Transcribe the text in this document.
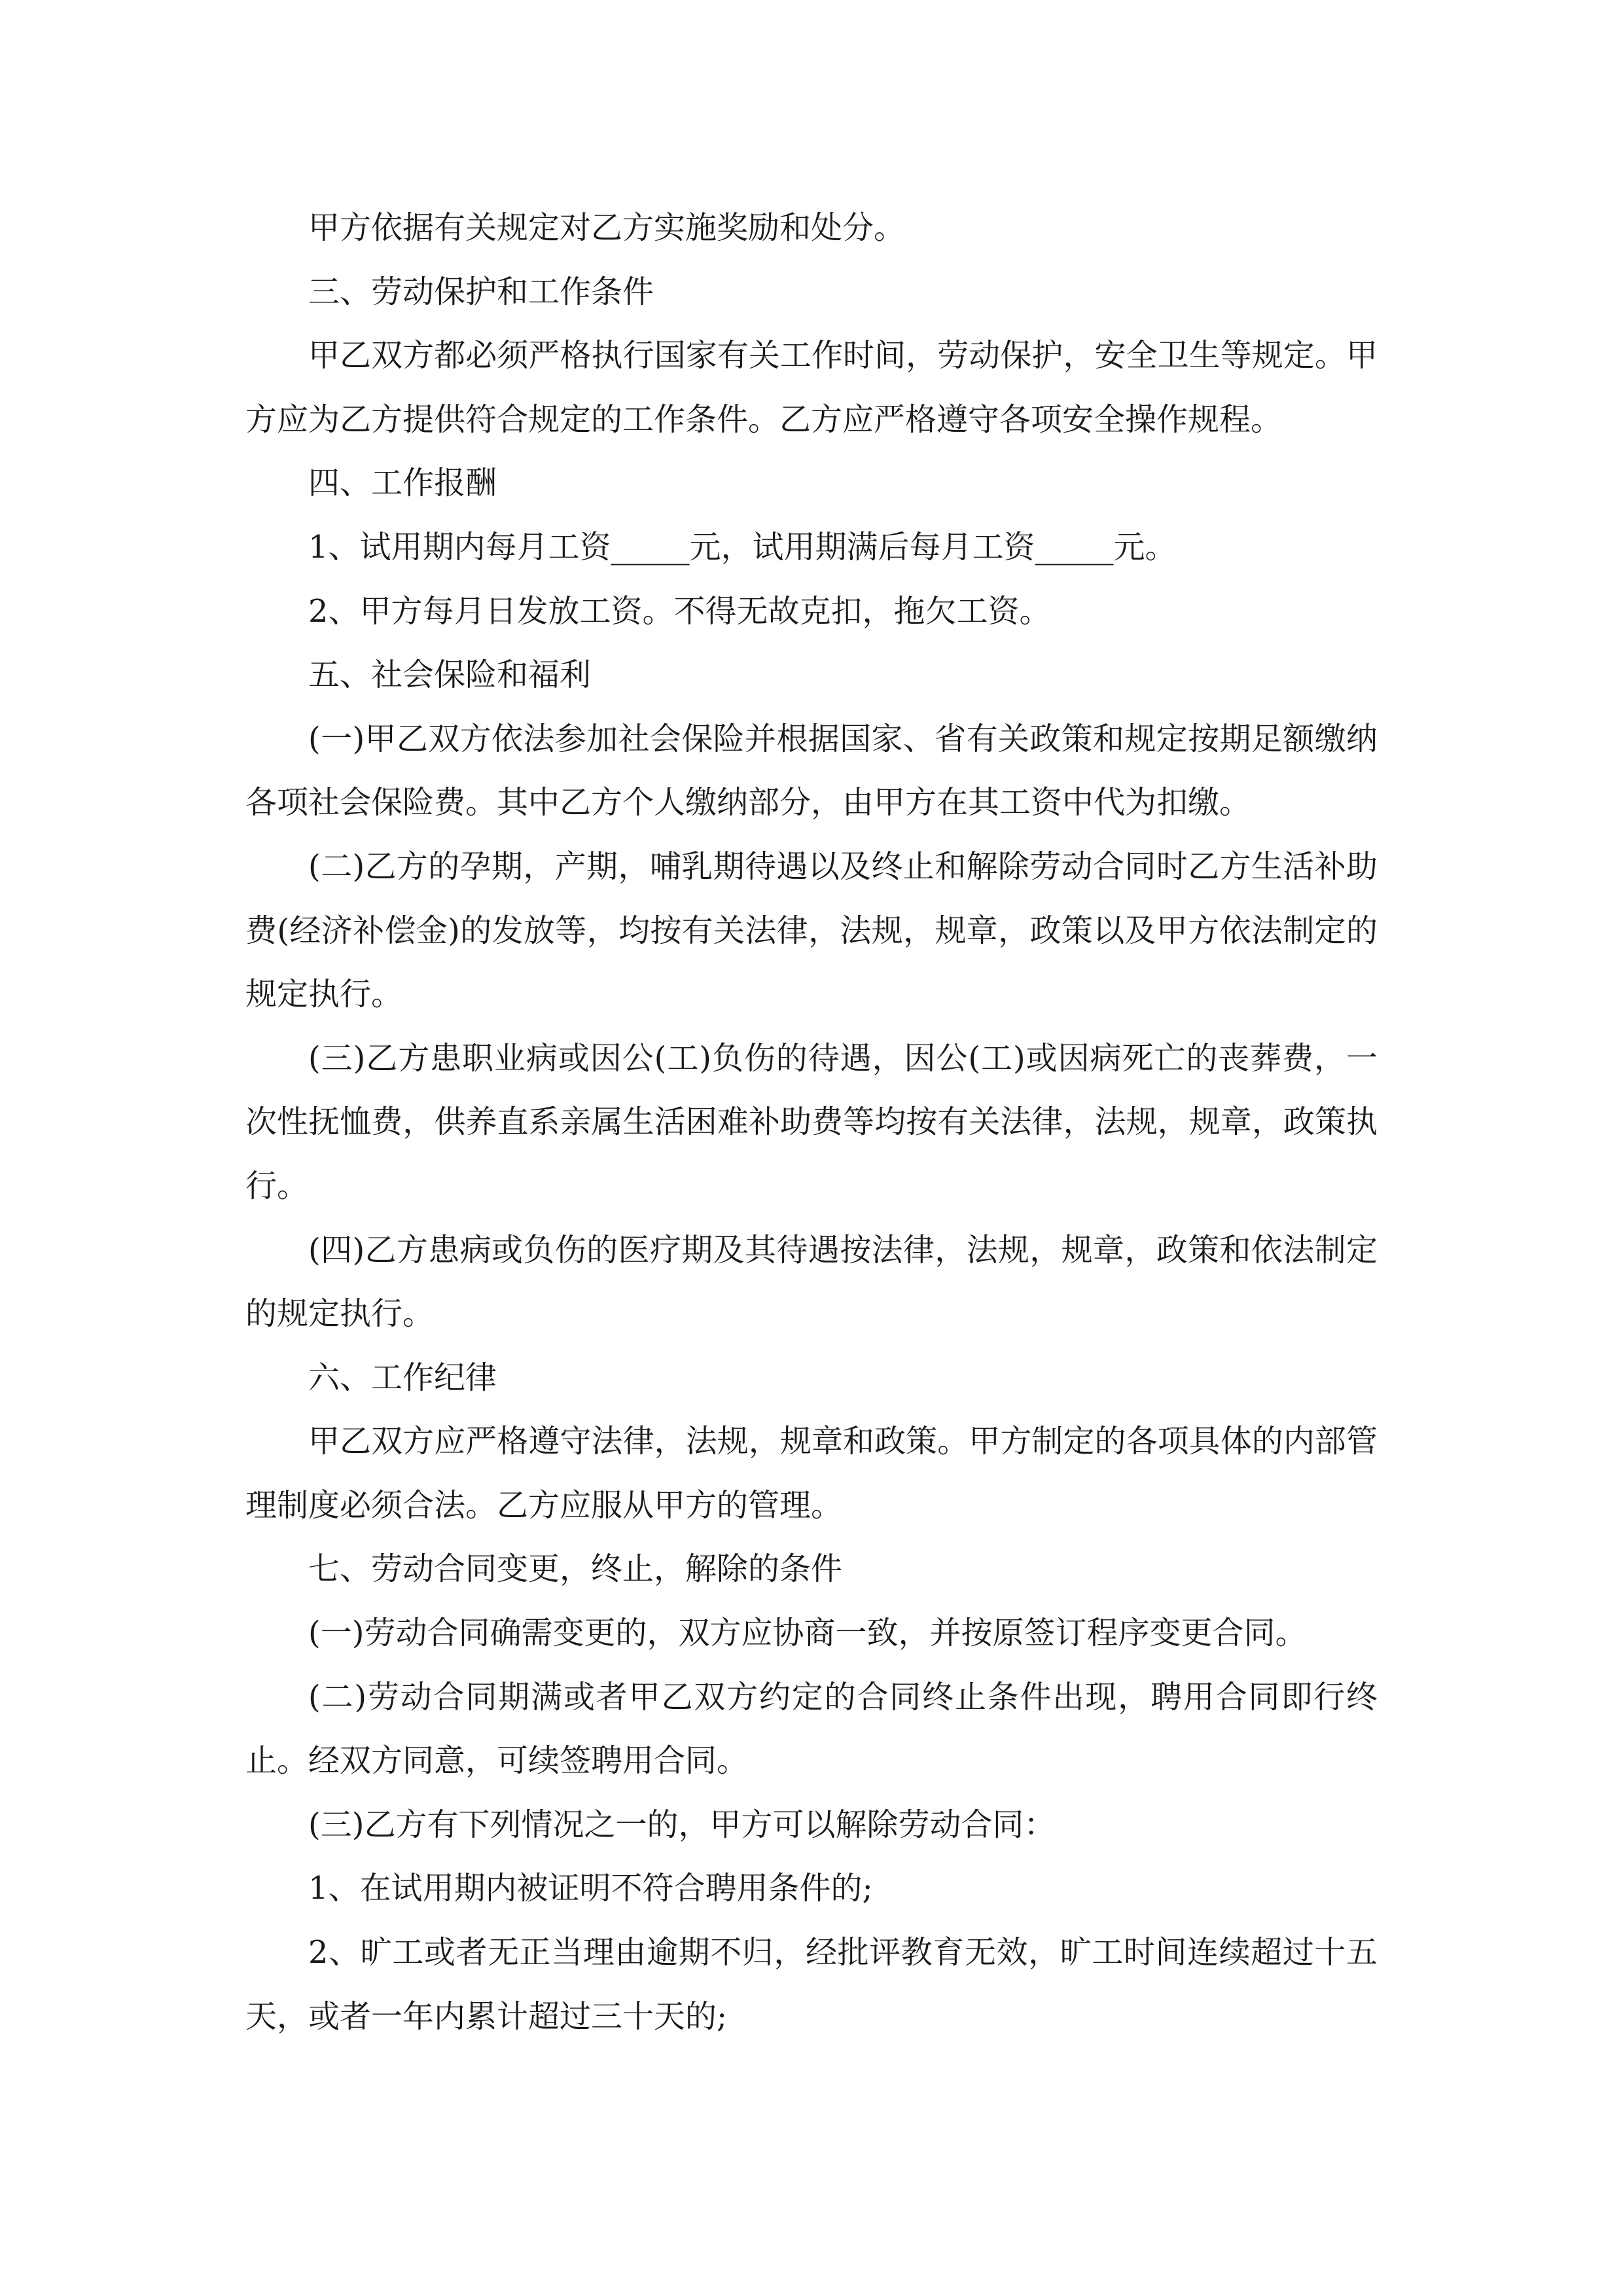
甲方依据有关规定对乙方实施奖励和处分。

三、劳动保护和工作条件

甲乙双方都必须严格执行国家有关工作时间，劳动保护，安全卫生等规定。甲方应为乙方提供符合规定的工作条件。乙方应严格遵守各项安全操作规程。

四、工作报酬

1、试用期内每月工资_____元，试用期满后每月工资_____元。

2、甲方每月日发放工资。不得无故克扣，拖欠工资。

五、社会保险和福利

(一)甲乙双方依法参加社会保险并根据国家、省有关政策和规定按期足额缴纳各项社会保险费。其中乙方个人缴纳部分，由甲方在其工资中代为扣缴。

(二)乙方的孕期，产期，哺乳期待遇以及终止和解除劳动合同时乙方生活补助费(经济补偿金)的发放等，均按有关法律，法规，规章，政策以及甲方依法制定的规定执行。

(三)乙方患职业病或因公(工)负伤的待遇，因公(工)或因病死亡的丧葬费，一次性抚恤费，供养直系亲属生活困难补助费等均按有关法律，法规，规章，政策执行。

(四)乙方患病或负伤的医疗期及其待遇按法律，法规，规章，政策和依法制定的规定执行。

六、工作纪律

甲乙双方应严格遵守法律，法规，规章和政策。甲方制定的各项具体的内部管理制度必须合法。乙方应服从甲方的管理。

七、劳动合同变更，终止，解除的条件

(一)劳动合同确需变更的，双方应协商一致，并按原签订程序变更合同。

(二)劳动合同期满或者甲乙双方约定的合同终止条件出现，聘用合同即行终止。经双方同意，可续签聘用合同。

(三)乙方有下列情况之一的，甲方可以解除劳动合同：

1、在试用期内被证明不符合聘用条件的;

2、旷工或者无正当理由逾期不归，经批评教育无效，旷工时间连续超过十五天，或者一年内累计超过三十天的;
